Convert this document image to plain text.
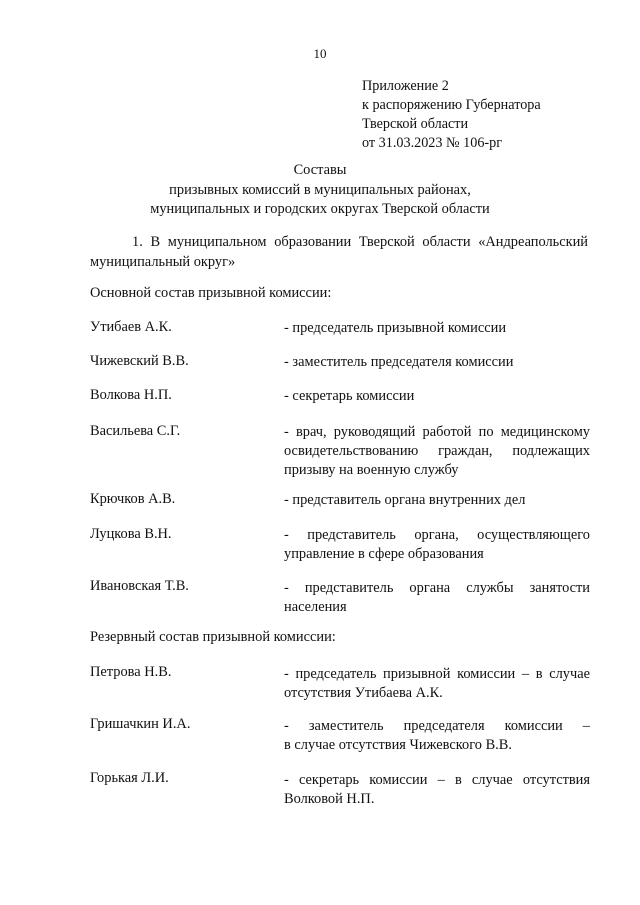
10
Приложение 2
к распоряжению Губернатора
Тверской области
от 31.03.2023 № 106-рг
Составы
призывных комиссий в муниципальных районах,
муниципальных и городских округах Тверской области
1. В муниципальном образовании Тверской области «Андреапольский
муниципальный округ»
Основной состав призывной комиссии:
Утибаев А.К.	- председатель призывной комиссии
Чижевский В.В.	- заместитель председателя комиссии
Волкова Н.П.	- секретарь комиссии
Васильева С.Г.	- врач, руководящий работой по медицинскому
освидетельствованию граждан, подлежащих
призыву на военную службу
Крючков А.В.	- представитель органа внутренних дел
Луцкова В.Н.	- представитель органа, осуществляющего
управление в сфере образования
Ивановская Т.В.	- представитель органа службы занятости
населения
Резервный состав призывной комиссии:
Петрова Н.В.	- председатель призывной комиссии – в случае
отсутствия Утибаева А.К.
Гришачкин И.А.	- заместитель председателя комиссии –
в случае отсутствия Чижевского В.В.
Горькая Л.И.	- секретарь комиссии – в случае отсутствия
Волковой Н.П.
